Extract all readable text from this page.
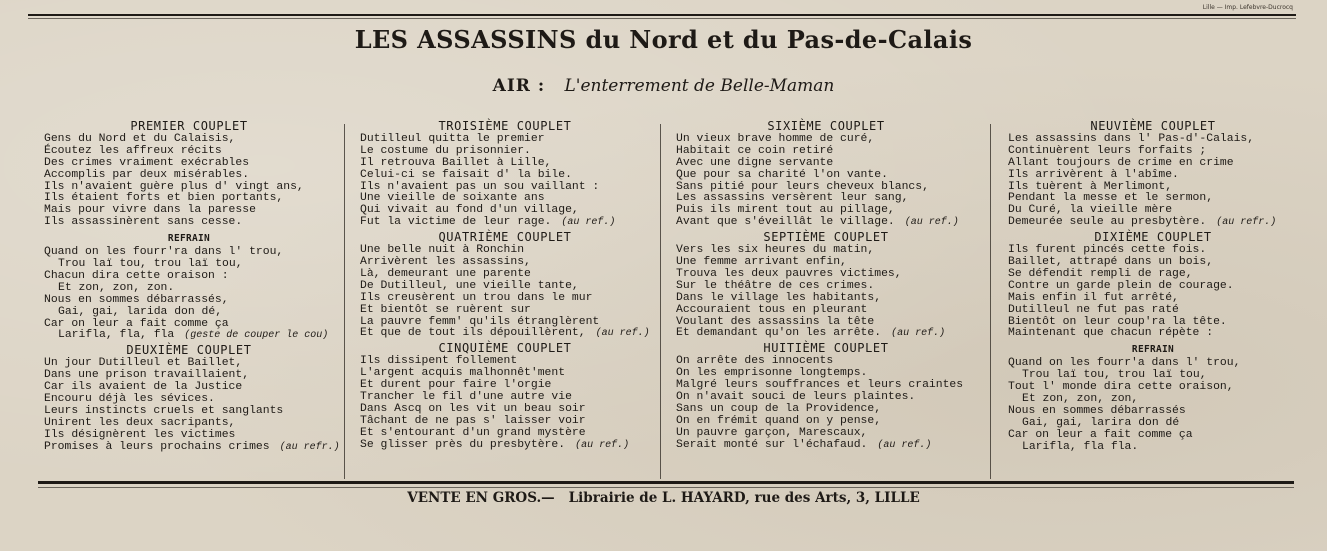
Lille — Imp. Lefebvre-Ducrocq
LES ASSASSINS du Nord et du Pas-de-Calais
AIR : L'enterrement de Belle-Maman
PREMIER COUPLET
Gens du Nord et du Calaisis,
Écoutez les affreux récits
Des crimes vraiment exécrables
Accomplis par deux misérables.
Ils n'avaient guère plus d' vingt ans,
Ils étaient forts et bien portants,
Mais pour vivre dans la paresse
Ils assassinèrent sans cesse.
REFRAIN
Quand on les fourr'ra dans l' trou,
Trou laï tou, trou laï tou,
Chacun dira cette oraison :
Et zon, zon, zon.
Nous en sommes débarrassés,
Gai, gai, larida don dé,
Car on leur a fait comme ça
Larifla, fla, fla (geste de couper le cou)
DEUXIÈME COUPLET
Un jour Dutilleul et Baillet,
Dans une prison travaillaient,
Car ils avaient de la Justice
Encouru déjà les sévices.
Leurs instincts cruels et sanglants
Unirent les deux sacripants,
Ils désignèrent les victimes
Promises à leurs prochains crimes (au refr.)
TROISIÈME COUPLET
Dutilleul quitta le premier
Le costume du prisonnier.
Il retrouva Baillet à Lille,
Celui-ci se faisait d' la bile.
Ils n'avaient pas un sou vaillant :
Une vieille de soixante ans
Qui vivait au fond d'un village,
Fut la victime de leur rage. (au ref.)
QUATRIÈME COUPLET
Une belle nuit à Ronchin
Arrivèrent les assassins,
Là, demeurant une parente
De Dutilleul, une vieille tante,
Ils creusèrent un trou dans le mur
Et bientôt se ruèrent sur
La pauvre femm' qu'ils étranglèrent
Et que de tout ils dépouillèrent, (au ref.)
CINQUIÈME COUPLET
Ils dissipent follement
L'argent acquis malhonnêt'ment
Et durent pour faire l'orgie
Trancher le fil d'une autre vie
Dans Ascq on les vit un beau soir
Tâchant de ne pas s' laisser voir
Et s'entourant d'un grand mystère
Se glisser près du presbytère. (au ref.)
SIXIÈME COUPLET
Un vieux brave homme de curé,
Habitait ce coin retiré
Avec une digne servante
Que pour sa charité l'on vante.
Sans pitié pour leurs cheveux blancs,
Les assassins versèrent leur sang,
Puis ils mirent tout au pillage,
Avant que s'éveillât le village. (au ref.)
SEPTIÈME COUPLET
Vers les six heures du matin,
Une femme arrivant enfin,
Trouva les deux pauvres victimes,
Sur le théâtre de ces crimes.
Dans le village les habitants,
Accouraient tous en pleurant
Voulant des assassins la tête
Et demandant qu'on les arrête. (au ref.)
HUITIÈME COUPLET
On arrête des innocents
On les emprisonne longtemps.
Malgré leurs souffrances et leurs craintes
On n'avait souci de leurs plaintes.
Sans un coup de la Providence,
On en frémit quand on y pense,
Un pauvre garçon, Marescaux,
Serait monté sur l'échafaud. (au ref.)
NEUVIÈME COUPLET
Les assassins dans l' Pas-d'-Calais,
Continuèrent leurs forfaits ;
Allant toujours de crime en crime
Ils arrivèrent à l'abîme.
Ils tuèrent à Merlimont,
Pendant la messe et le sermon,
Du Curé, la vieille mère
Demeurée seule au presbytère. (au refr.)
DIXIÈME COUPLET
Ils furent pincés cette fois.
Baillet, attrapé dans un bois,
Se défendit rempli de rage,
Contre un garde plein de courage.
Mais enfin il fut arrêté,
Dutilleul ne fut pas raté
Bientôt on leur coup'ra la tête.
Maintenant que chacun répète :
REFRAIN
Quand on les fourr'a dans l' trou,
Trou laï tou, trou laï tou,
Tout l' monde dira cette oraison,
Et zon, zon, zon,
Nous en sommes débarrassés
Gai, gai, larira don dé
Car on leur a fait comme ça
Larifla, fla fla.
VENTE EN GROS.— Librairie de L. HAYARD, rue des Arts, 3, LILLE
